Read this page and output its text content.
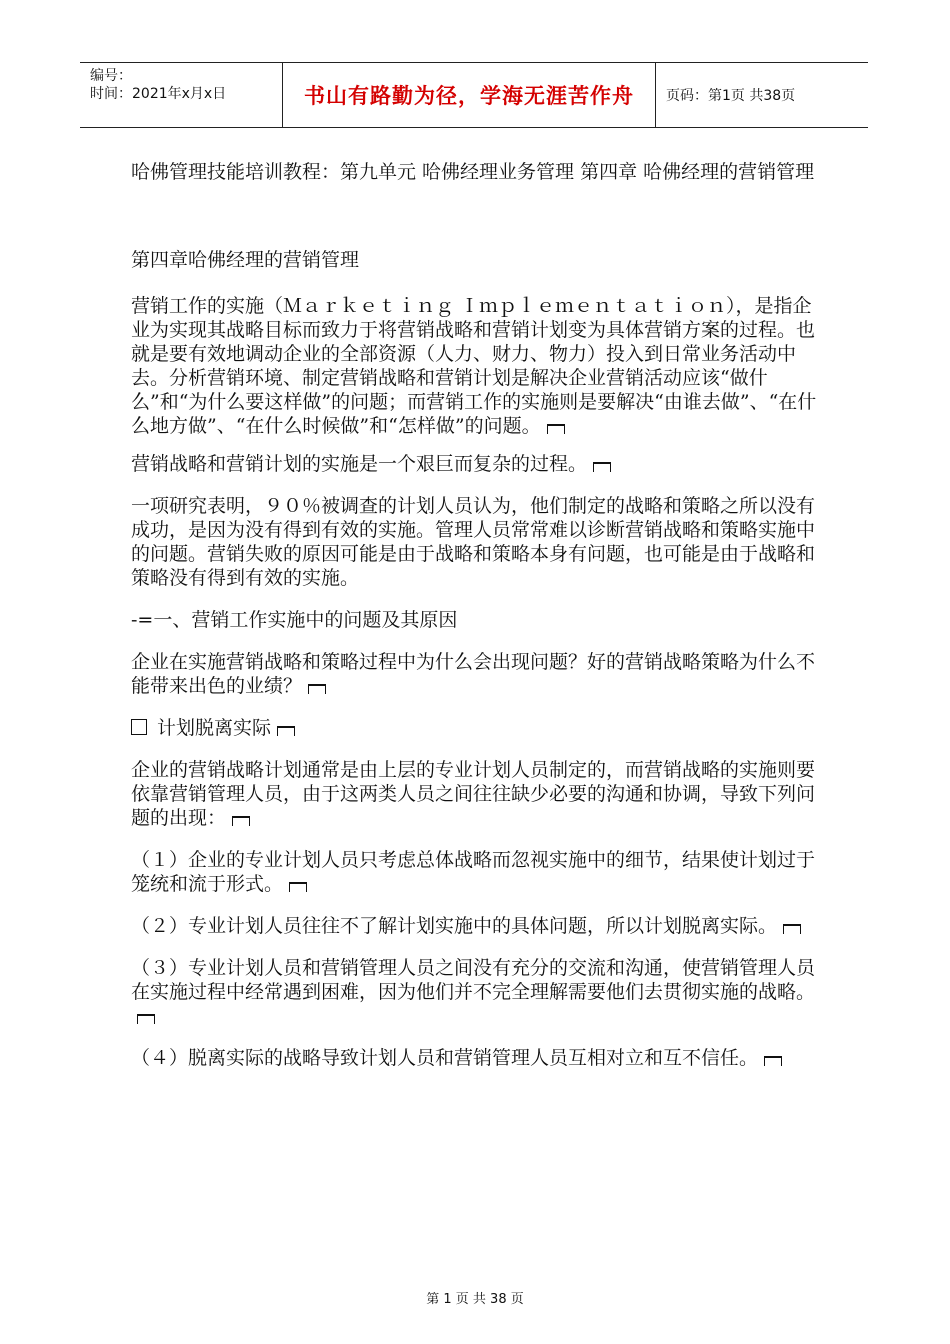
编号：
时间：2021年x月x日	书山有路勤为径，学海无涯苦作舟	页码：第1页 共38页

哈佛管理技能培训教程：第九单元 哈佛经理业务管理 第四章 哈佛经理的营销管理

第四章哈佛经理的营销管理

营销工作的实施（Ｍａｒｋｅｔｉｎｇ Ｉｍｐｌｅｍｅｎｔａｔｉｏｎ），是指企业为实现其战略目标而致力于将营销战略和营销计划变为具体营销方案的过程。也就是要有效地调动企业的全部资源（人力、财力、物力）投入到日常业务活动中去。分析营销环境、制定营销战略和营销计划是解决企业营销活动应该“做什么”和“为什么要这样做”的问题；而营销工作的实施则是要解决“由谁去做”、“在什么地方做”、“在什么时候做”和“怎样做”的问题。

营销战略和营销计划的实施是一个艰巨而复杂的过程。

一项研究表明，９０％被调查的计划人员认为，他们制定的战略和策略之所以没有成功，是因为没有得到有效的实施。管理人员常常难以诊断营销战略和策略实施中的问题。营销失败的原因可能是由于战略和策略本身有问题，也可能是由于战略和策略没有得到有效的实施。

-=一、营销工作实施中的问题及其原因

企业在实施营销战略和策略过程中为什么会出现问题？好的营销战略策略为什么不能带来出色的业绩？

计划脱离实际

企业的营销战略计划通常是由上层的专业计划人员制定的，而营销战略的实施则要依靠营销管理人员，由于这两类人员之间往往缺少必要的沟通和协调，导致下列问题的出现：

（１）企业的专业计划人员只考虑总体战略而忽视实施中的细节，结果使计划过于笼统和流于形式。

（２）专业计划人员往往不了解计划实施中的具体问题，所以计划脱离实际。

（３）专业计划人员和营销管理人员之间没有充分的交流和沟通，使营销管理人员在实施过程中经常遇到困难，因为他们并不完全理解需要他们去贯彻实施的战略。

（４）脱离实际的战略导致计划人员和营销管理人员互相对立和互不信任。

第 1 页 共 38 页
